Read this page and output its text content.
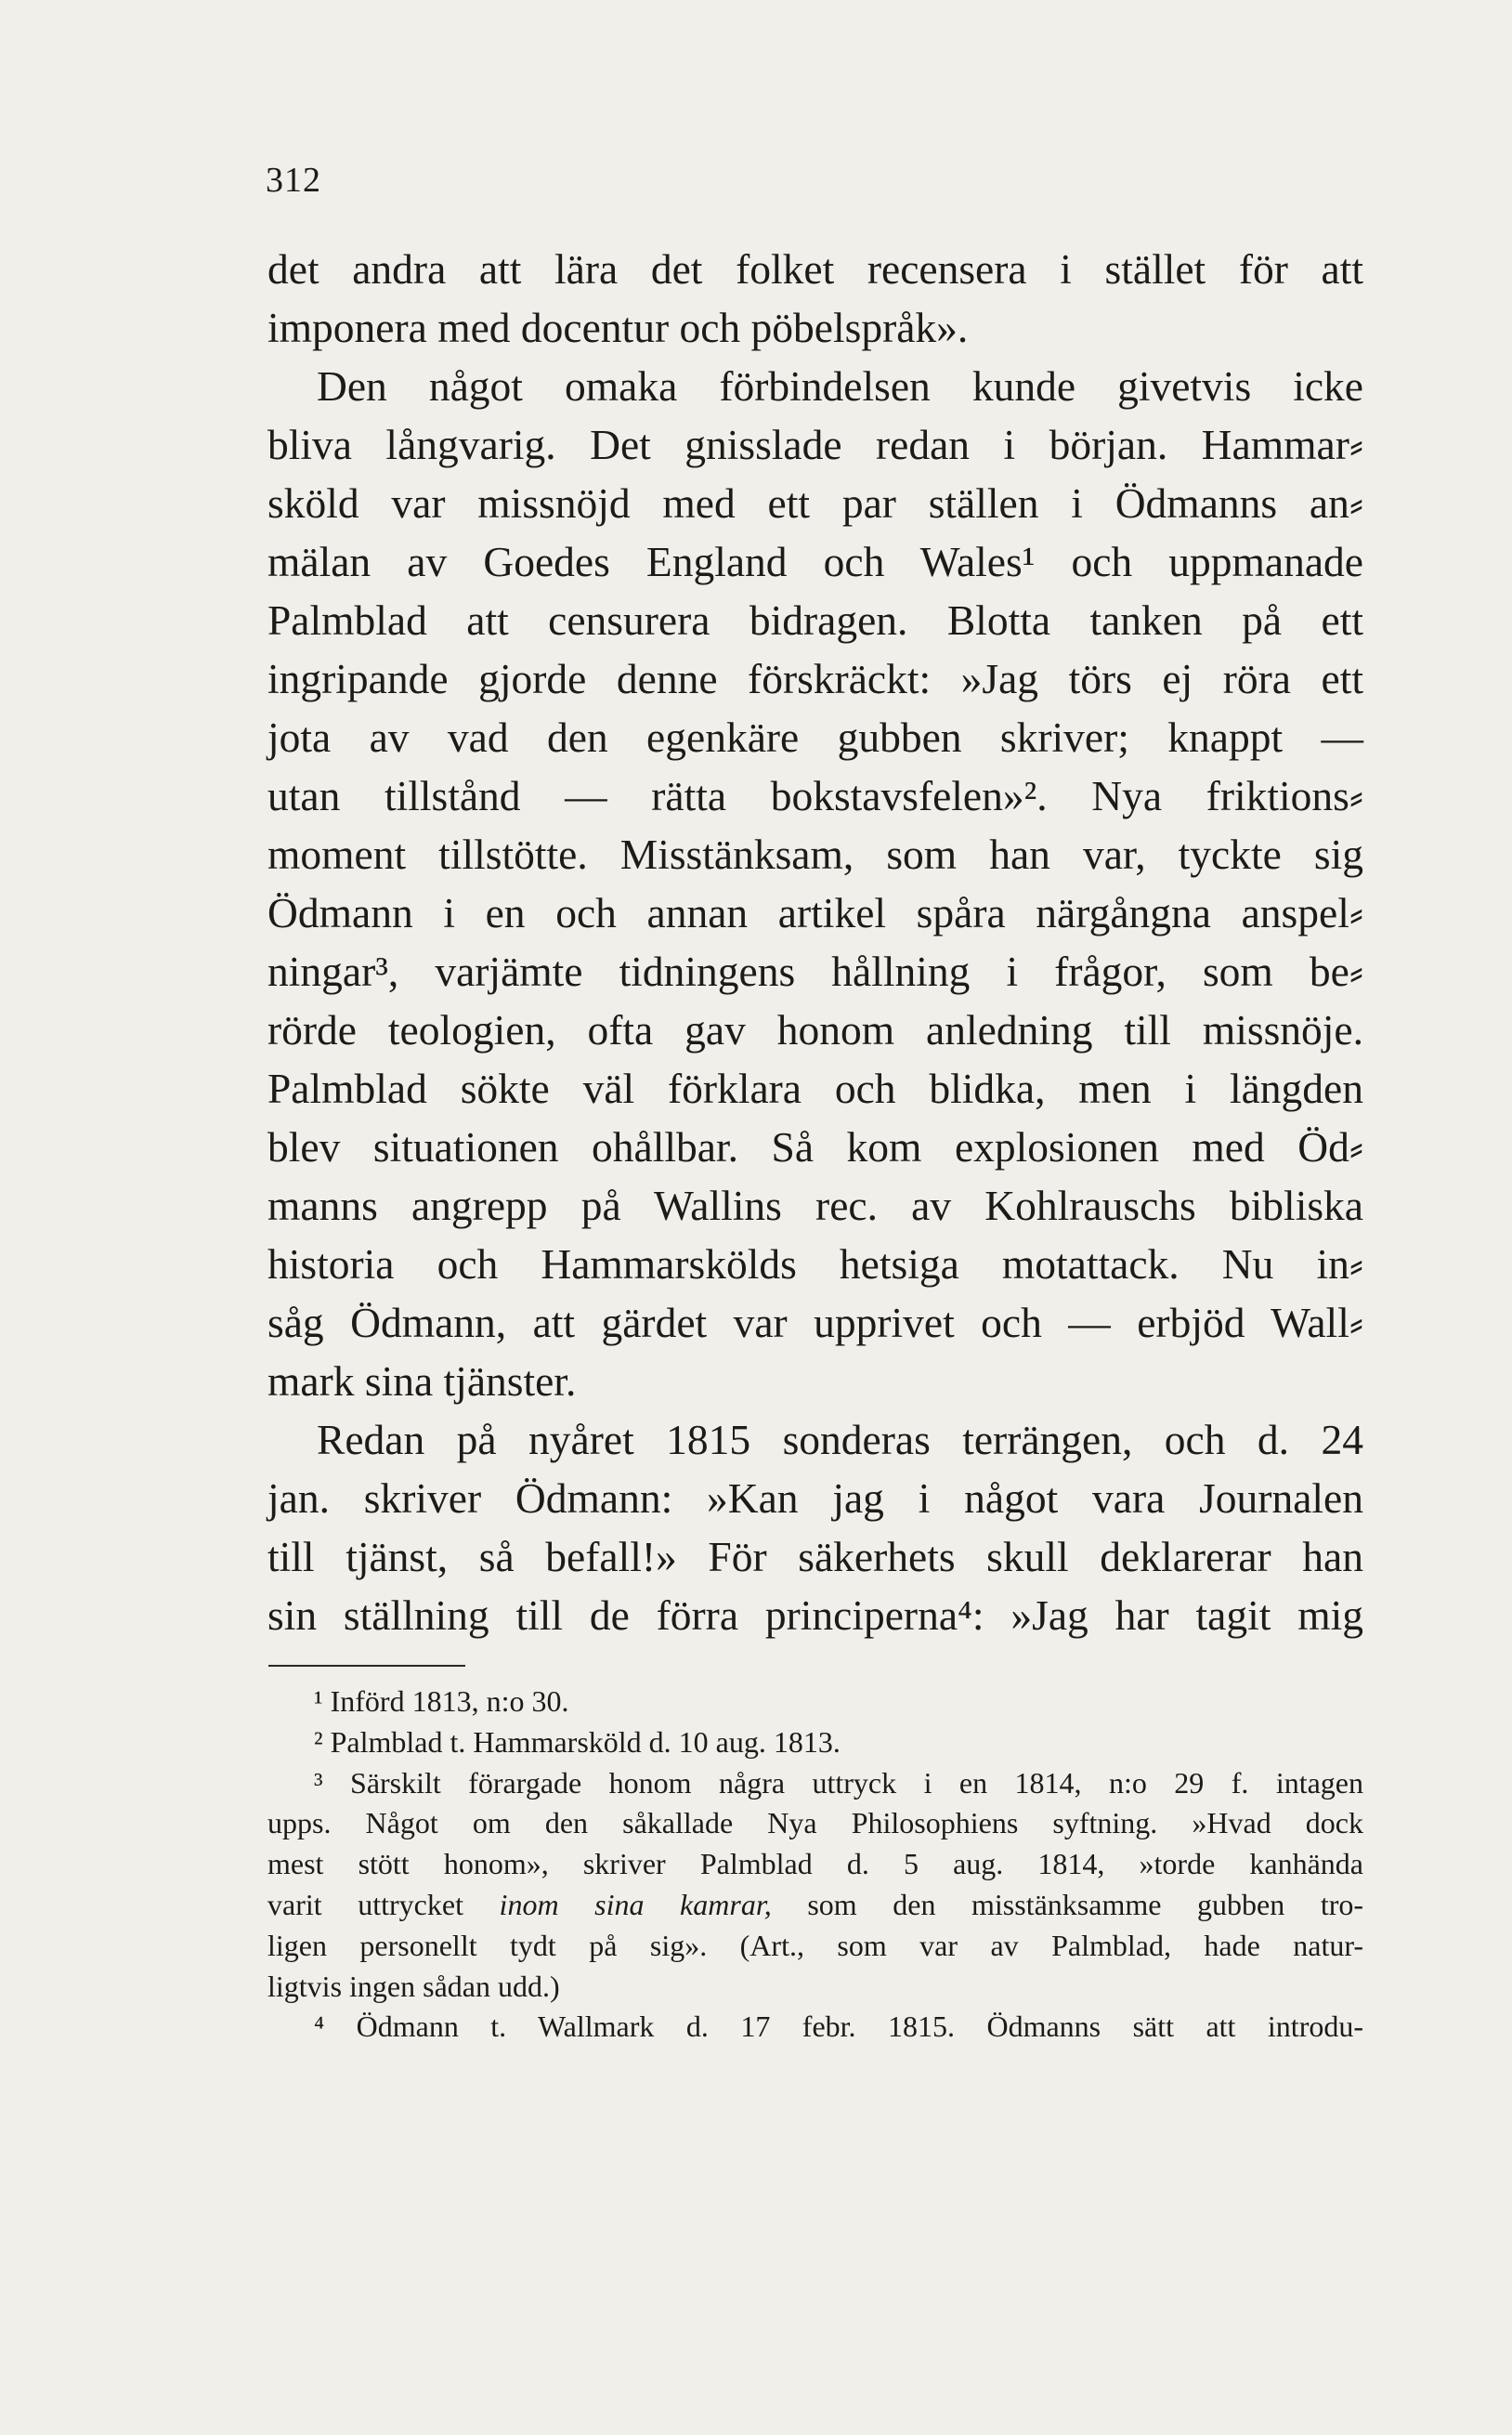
312
det andra att lära det folket recensera i stället för att
imponera med docentur och pöbelspråk».
Den något omaka förbindelsen kunde givetvis icke
bliva långvarig. Det gnisslade redan i början. Hammar⸗
sköld var missnöjd med ett par ställen i Ödmanns an⸗
mälan av Goedes England och Wales¹ och uppmanade
Palmblad att censurera bidragen. Blotta tanken på ett
ingripande gjorde denne förskräckt: »Jag törs ej röra ett
jota av vad den egenkäre gubben skriver; knappt —
utan tillstånd — rätta bokstavsfelen»². Nya friktions⸗
moment tillstötte. Misstänksam, som han var, tyckte sig
Ödmann i en och annan artikel spåra närgångna anspel⸗
ningar³, varjämte tidningens hållning i frågor, som be⸗
rörde teologien, ofta gav honom anledning till missnöje.
Palmblad sökte väl förklara och blidka, men i längden
blev situationen ohållbar. Så kom explosionen med Öd⸗
manns angrepp på Wallins rec. av Kohlrauschs bibliska
historia och Hammarskölds hetsiga motattack. Nu in⸗
såg Ödmann, att gärdet var upprivet och — erbjöd Wall⸗
mark sina tjänster.
Redan på nyåret 1815 sonderas terrängen, och d. 24
jan. skriver Ödmann: »Kan jag i något vara Journalen
till tjänst, så befall!» För säkerhets skull deklarerar han
sin ställning till de förra principerna⁴: »Jag har tagit mig
¹ Införd 1813, n:o 30.
² Palmblad t. Hammarsköld d. 10 aug. 1813.
³ Särskilt förargade honom några uttryck i en 1814, n:o 29 f. intagen
upps. Något om den såkallade Nya Philosophiens syftning. »Hvad dock
mest stött honom», skriver Palmblad d. 5 aug. 1814, »torde kanhända
varit uttrycket inom sina kamrar, som den misstänksamme gubben tro-
ligen personellt tydt på sig». (Art., som var av Palmblad, hade natur-
ligtvis ingen sådan udd.)
⁴ Ödmann t. Wallmark d. 17 febr. 1815. Ödmanns sätt att introdu-
